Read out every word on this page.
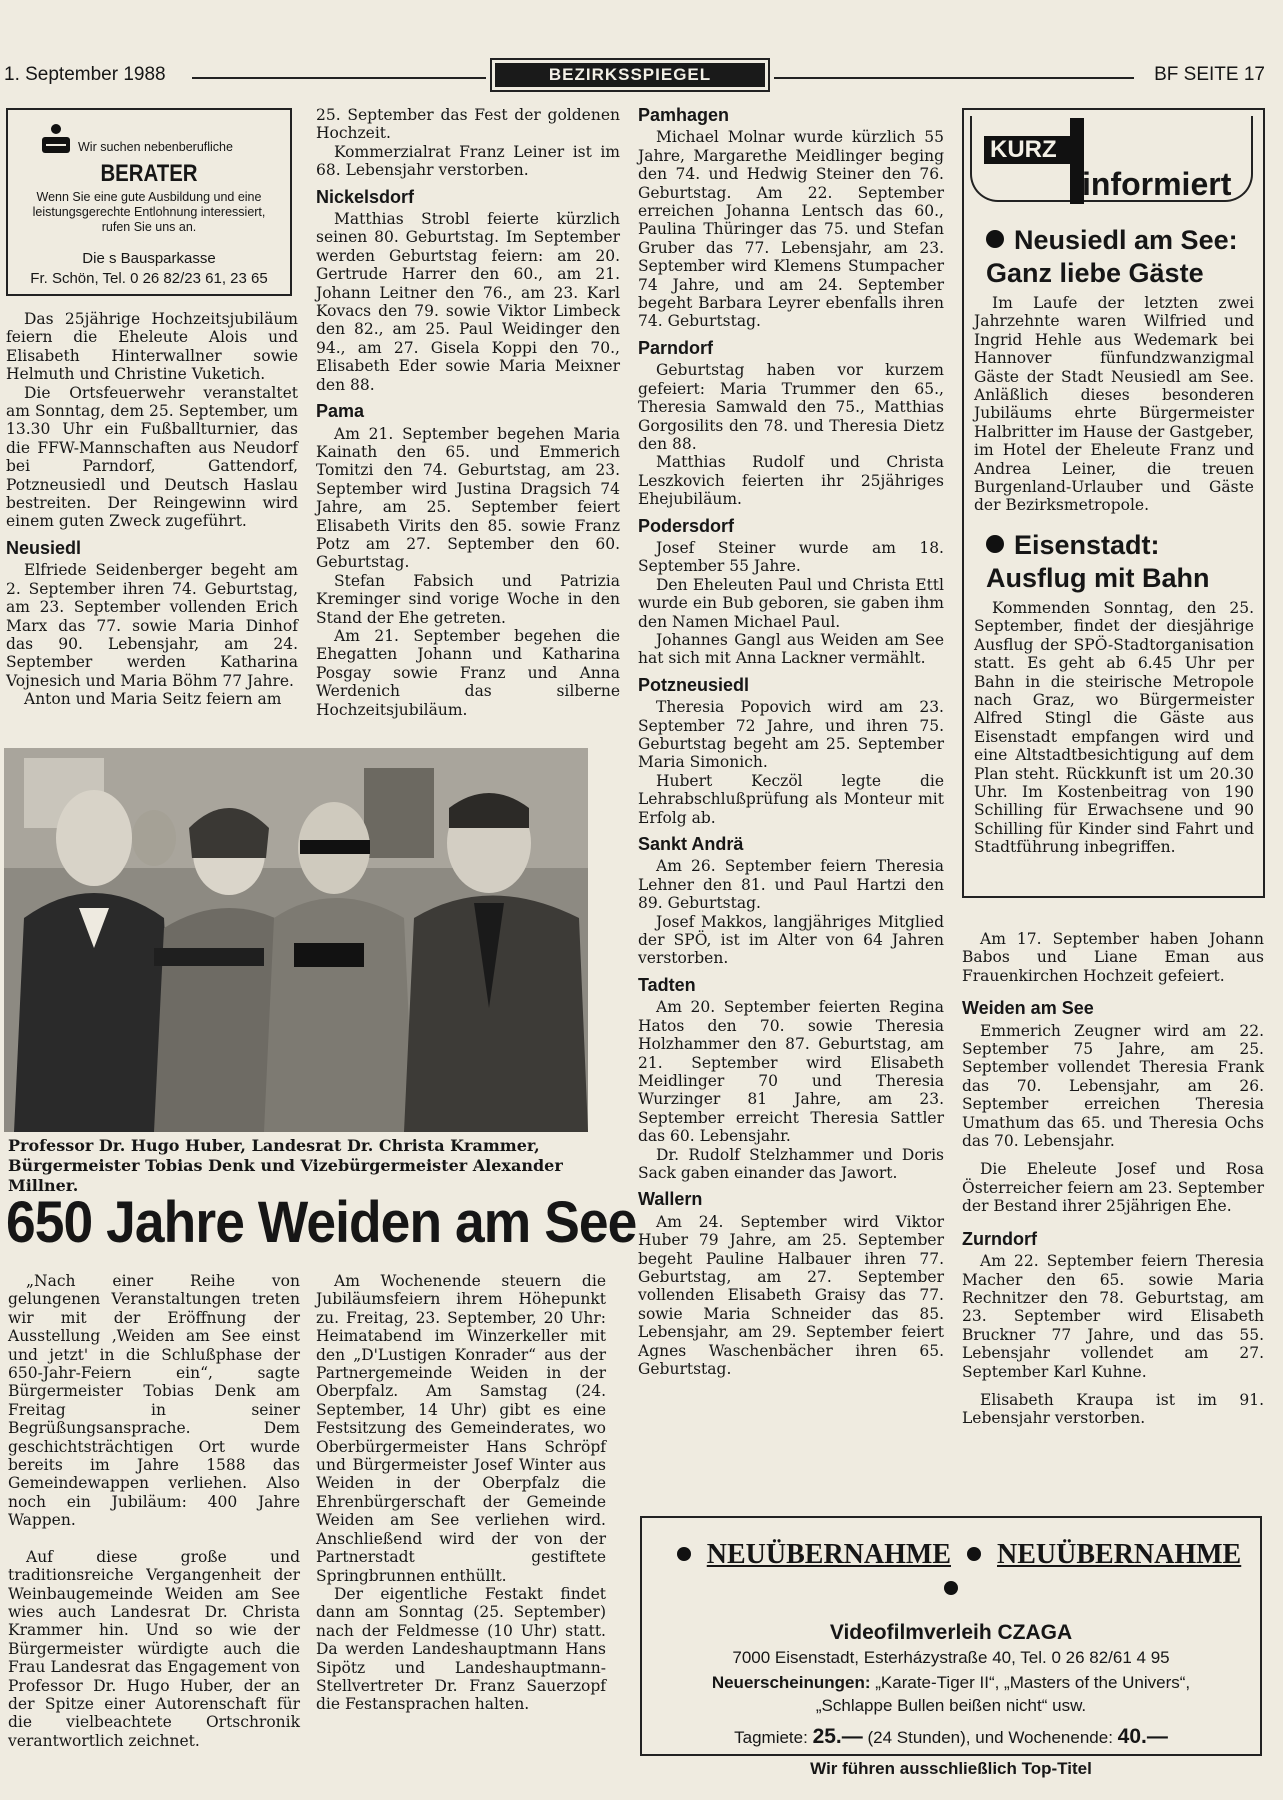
1. September 1988	BEZIRKSSPIEGEL	BF SEITE 17
Wir suchen nebenberufliche
BERATER
Wenn Sie eine gute Ausbildung und eine
leistungsgerechte Entlohnung interessiert,
rufen Sie uns an.
Die s Bausparkasse
Fr. Schön, Tel. 0 26 82/23 61, 23 65

Das 25jährige Hochzeitsjubiläum feiern die Eheleute Alois und Elisabeth Hinterwallner sowie Helmuth und Christine Vuketich.

Die Ortsfeuerwehr veranstaltet am Sonntag, dem 25. September, um 13.30 Uhr ein Fußballturnier, das die FFW-Mannschaften aus Neudorf bei Parndorf, Gattendorf, Potzneusiedl und Deutsch Haslau bestreiten. Der Reingewinn wird einem guten Zweck zugeführt.

Neusiedl

Elfriede Seidenberger begeht am 2. September ihren 74. Geburtstag, am 23. September vollenden Erich Marx das 77. sowie Maria Dinhof das 90. Lebensjahr, am 24. September werden Katharina Vojnesich und Maria Böhm 77 Jahre.

Anton und Maria Seitz feiern am

25. September das Fest der goldenen Hochzeit.

Kommerzialrat Franz Leiner ist im 68. Lebensjahr verstorben.

Nickelsdorf

Matthias Strobl feierte kürzlich seinen 80. Geburtstag. Im September werden Geburtstag feiern: am 20. Gertrude Harrer den 60., am 21. Johann Leitner den 76., am 23. Karl Kovacs den 79. sowie Viktor Limbeck den 82., am 25. Paul Weidinger den 94., am 27. Gisela Koppi den 70., Elisabeth Eder sowie Maria Meixner den 88.

Pama

Am 21. September begehen Maria Kainath den 65. und Emmerich Tomitzi den 74. Geburtstag, am 23. September wird Justina Dragsich 74 Jahre, am 25. September feiert Elisabeth Virits den 85. sowie Franz Potz am 27. September den 60. Geburtstag.

Stefan Fabsich und Patrizia Kreminger sind vorige Woche in den Stand der Ehe getreten.

Am 21. September begehen die Ehegatten Johann und Katharina Posgay sowie Franz und Anna Werdenich das silberne Hochzeitsjubiläum.

Professor Dr. Hugo Huber, Landesrat Dr. Christa Krammer, Bürgermeister Tobias Denk und Vizebürgermeister Alexander Millner.
650 Jahre Weiden am See

„Nach einer Reihe von gelungenen Veranstaltungen treten wir mit der Eröffnung der Ausstellung ‚Weiden am See einst und jetzt' in die Schlußphase der 650-Jahr-Feiern ein“, sagte Bürgermeister Tobias Denk am Freitag in seiner Begrüßungsansprache. Dem geschichtsträchtigen Ort wurde bereits im Jahre 1588 das Gemeindewappen verliehen. Also noch ein Jubiläum: 400 Jahre Wappen.

Auf diese große und traditionsreiche Vergangenheit der Weinbaugemeinde Weiden am See wies auch Landesrat Dr. Christa Krammer hin. Und so wie der Bürgermeister würdigte auch die Frau Landesrat das Engagement von Professor Dr. Hugo Huber, der an der Spitze einer Autorenschaft für die vielbeachtete Ortschronik verantwortlich zeichnet.

Am Wochenende steuern die Jubiläumsfeiern ihrem Höhepunkt zu. Freitag, 23. September, 20 Uhr: Heimatabend im Winzerkeller mit den „D'Lustigen Konrader“ aus der Partnergemeinde Weiden in der Oberpfalz. Am Samstag (24. September, 14 Uhr) gibt es eine Festsitzung des Gemeinderates, wo Oberbürgermeister Hans Schröpf und Bürgermeister Josef Winter aus Weiden in der Oberpfalz die Ehrenbürgerschaft der Gemeinde Weiden am See verliehen wird. Anschließend wird der von der Partnerstadt gestiftete Springbrunnen enthüllt.

Der eigentliche Festakt findet dann am Sonntag (25. September) nach der Feldmesse (10 Uhr) statt. Da werden Landeshauptmann Hans Sipötz und Landeshauptmann-Stellvertreter Dr. Franz Sauerzopf die Festansprachen halten.

Pamhagen

Michael Molnar wurde kürzlich 55 Jahre, Margarethe Meidlinger beging den 74. und Hedwig Steiner den 76. Geburtstag. Am 22. September erreichen Johanna Lentsch das 60., Paulina Thüringer das 75. und Stefan Gruber das 77. Lebensjahr, am 23. September wird Klemens Stumpacher 74 Jahre, und am 24. September begeht Barbara Leyrer ebenfalls ihren 74. Geburtstag.

Parndorf

Geburtstag haben vor kurzem gefeiert: Maria Trummer den 65., Theresia Samwald den 75., Matthias Gorgosilits den 78. und Theresia Dietz den 88.

Matthias Rudolf und Christa Leszkovich feierten ihr 25jähriges Ehejubiläum.

Podersdorf

Josef Steiner wurde am 18. September 55 Jahre.

Den Eheleuten Paul und Christa Ettl wurde ein Bub geboren, sie gaben ihm den Namen Michael Paul.

Johannes Gangl aus Weiden am See hat sich mit Anna Lackner vermählt.

Potzneusiedl

Theresia Popovich wird am 23. September 72 Jahre, und ihren 75. Geburtstag begeht am 25. September Maria Simonich.

Hubert Keczöl legte die Lehrabschlußprüfung als Monteur mit Erfolg ab.

Sankt Andrä

Am 26. September feiern Theresia Lehner den 81. und Paul Hartzi den 89. Geburtstag.

Josef Makkos, langjähriges Mitglied der SPÖ, ist im Alter von 64 Jahren verstorben.

Tadten

Am 20. September feierten Regina Hatos den 70. sowie Theresia Holzhammer den 87. Geburtstag, am 21. September wird Elisabeth Meidlinger 70 und Theresia Wurzinger 81 Jahre, am 23. September erreicht Theresia Sattler das 60. Lebensjahr.

Dr. Rudolf Stelzhammer und Doris Sack gaben einander das Jawort.

Wallern

Am 24. September wird Viktor Huber 79 Jahre, am 25. September begeht Pauline Halbauer ihren 77. Geburtstag, am 27. September vollenden Elisabeth Graisy das 77. sowie Maria Schneider das 85. Lebensjahr, am 29. September feiert Agnes Waschenbächer ihren 65. Geburtstag.

KURZ
informiert
Neusiedl am See:
Ganz liebe Gäste

Im Laufe der letzten zwei Jahrzehnte waren Wilfried und Ingrid Hehle aus Wedemark bei Hannover fünfundzwanzigmal Gäste der Stadt Neusiedl am See. Anläßlich dieses besonderen Jubiläums ehrte Bürgermeister Halbritter im Hause der Gastgeber, im Hotel der Eheleute Franz und Andrea Leiner, die treuen Burgenland-Urlauber und Gäste der Bezirksmetropole.

Eisenstadt:
Ausflug mit Bahn

Kommenden Sonntag, den 25. September, findet der diesjährige Ausflug der SPÖ-Stadtorganisation statt. Es geht ab 6.45 Uhr per Bahn in die steirische Metropole nach Graz, wo Bürgermeister Alfred Stingl die Gäste aus Eisenstadt empfangen wird und eine Altstadtbesichtigung auf dem Plan steht. Rückkunft ist um 20.30 Uhr. Im Kostenbeitrag von 190 Schilling für Erwachsene und 90 Schilling für Kinder sind Fahrt und Stadtführung inbegriffen.

Am 17. September haben Johann Babos und Liane Eman aus Frauenkirchen Hochzeit gefeiert.

Weiden am See

Emmerich Zeugner wird am 22. September 75 Jahre, am 25. September vollendet Theresia Frank das 70. Lebensjahr, am 26. September erreichen Theresia Umathum das 65. und Theresia Ochs das 70. Lebensjahr.

Die Eheleute Josef und Rosa Österreicher feiern am 23. September der Bestand ihrer 25jährigen Ehe.

Zurndorf

Am 22. September feiern Theresia Macher den 65. sowie Maria Rechnitzer den 78. Geburtstag, am 23. September wird Elisabeth Bruckner 77 Jahre, und das 55. Lebensjahr vollendet am 27. September Karl Kuhne.

Elisabeth Kraupa ist im 91. Lebensjahr verstorben.

NEUÜBERNAHME NEUÜBERNAHME
Videofilmverleih CZAGA
7000 Eisenstadt, Esterházystraße 40, Tel. 0 26 82/61 4 95
Neuerscheinungen: „Karate-Tiger II“, „Masters of the Univers“,
„Schlappe Bullen beißen nicht“ usw.
Tagmiete: 25.— (24 Stunden), und Wochenende: 40.—
Wir führen ausschließlich Top-Titel
